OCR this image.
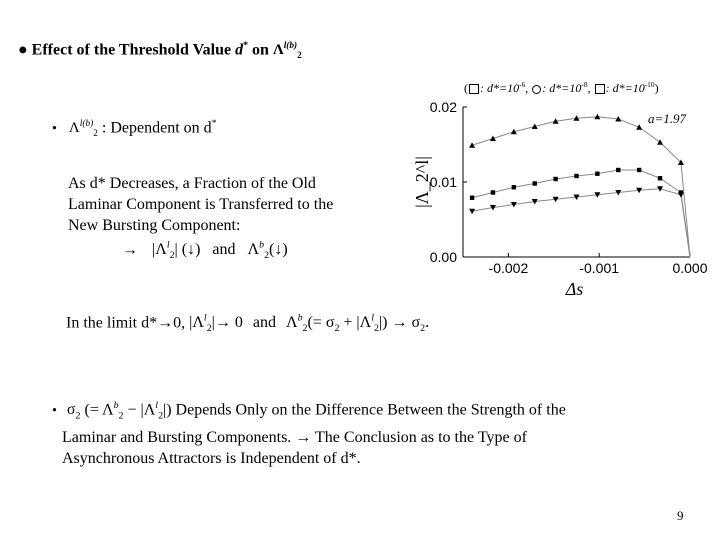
● Effect of the Threshold Value d* on $\Lambda^{l(b)}_2$
( : $d*=10^{-6}$, : $d*=10^{-8}$, : $d*=10^{-10}$)
• $\Lambda^{l(b)}_2$ : Dependent on d*
As d* Decreases, a Fraction of the Old
Laminar Component is Transferred to the
New Bursting Component:
→ $|\Lambda^l_2|$ (↓) and $\Lambda^b_2(↓)$
In the limit d*→0, $|\Lambda^l_2|\to 0$ and $\Lambda^b_2(= \sigma_2 + |\Lambda^l_2|) \to \sigma_2$.
• $\sigma_2$ (= $\Lambda^b_2 - |\Lambda^l_2|$) Depends Only on the Difference Between the Strength of the
Laminar and Bursting Components. → The Conclusion as to the Type of
Asynchronous Attractors is Independent of d*.
0.00
0.01
0.02
-0.002	-0.001	0.000
Δs
|Λ_2^l|
a=1.97
9
